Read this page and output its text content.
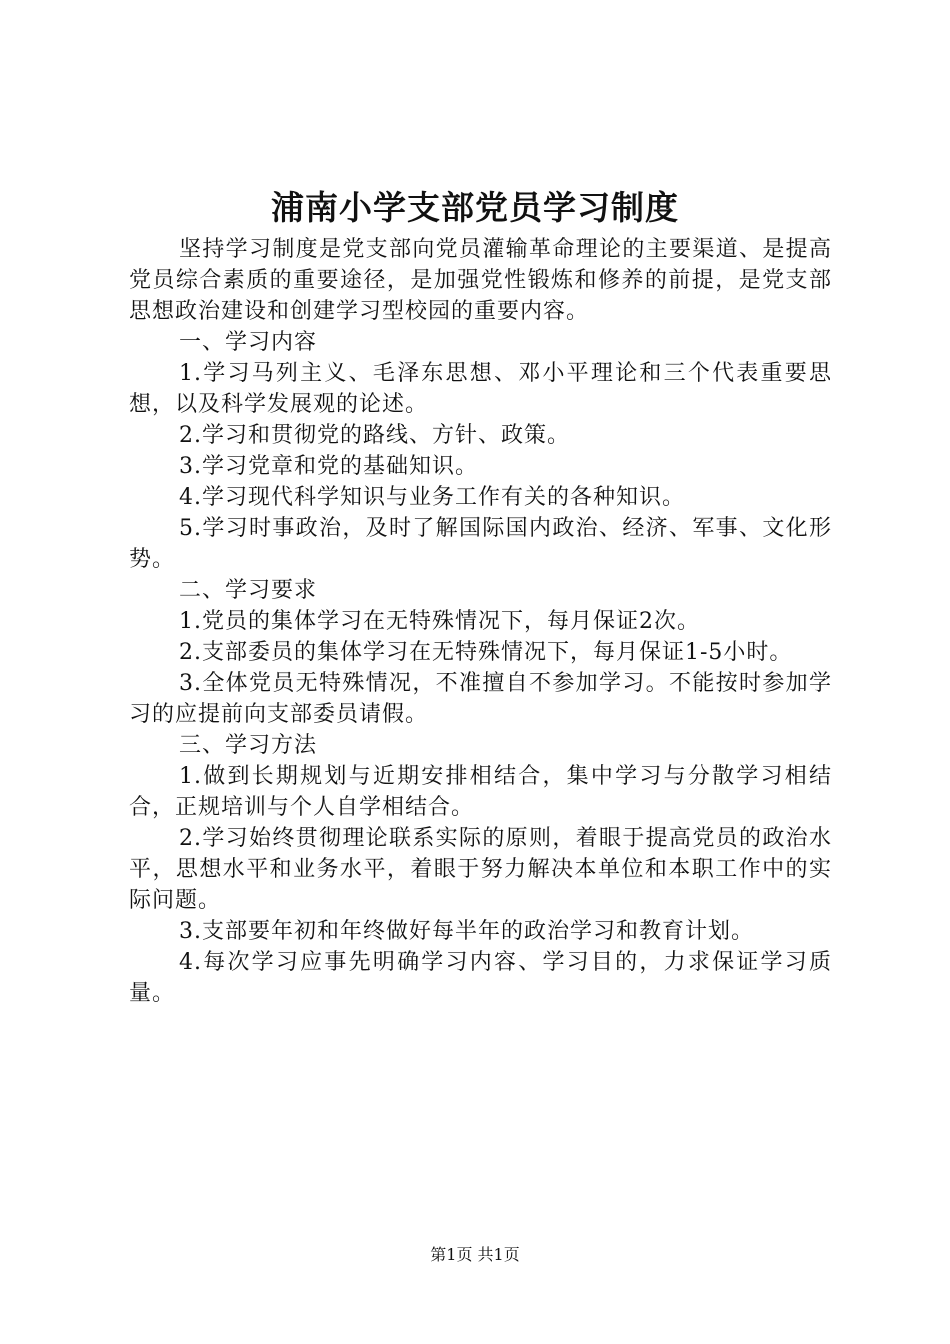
浦南小学支部党员学习制度

坚持学习制度是党支部向党员灌输革命理论的主要渠道、是提高党员综合素质的重要途径，是加强党性锻炼和修养的前提，是党支部思想政治建设和创建学习型校园的重要内容。

一、学习内容

1.学习马列主义、毛泽东思想、邓小平理论和三个代表重要思想，以及科学发展观的论述。

2.学习和贯彻党的路线、方针、政策。

3.学习党章和党的基础知识。

4.学习现代科学知识与业务工作有关的各种知识。

5.学习时事政治，及时了解国际国内政治、经济、军事、文化形势。

二、学习要求

1.党员的集体学习在无特殊情况下，每月保证2次。

2.支部委员的集体学习在无特殊情况下，每月保证1-5小时。

3.全体党员无特殊情况，不准擅自不参加学习。不能按时参加学习的应提前向支部委员请假。

三、学习方法

1.做到长期规划与近期安排相结合，集中学习与分散学习相结合，正规培训与个人自学相结合。

2.学习始终贯彻理论联系实际的原则，着眼于提高党员的政治水平，思想水平和业务水平，着眼于努力解决本单位和本职工作中的实际问题。

3.支部要年初和年终做好每半年的政治学习和教育计划。

4.每次学习应事先明确学习内容、学习目的，力求保证学习质量。

第1页 共1页
